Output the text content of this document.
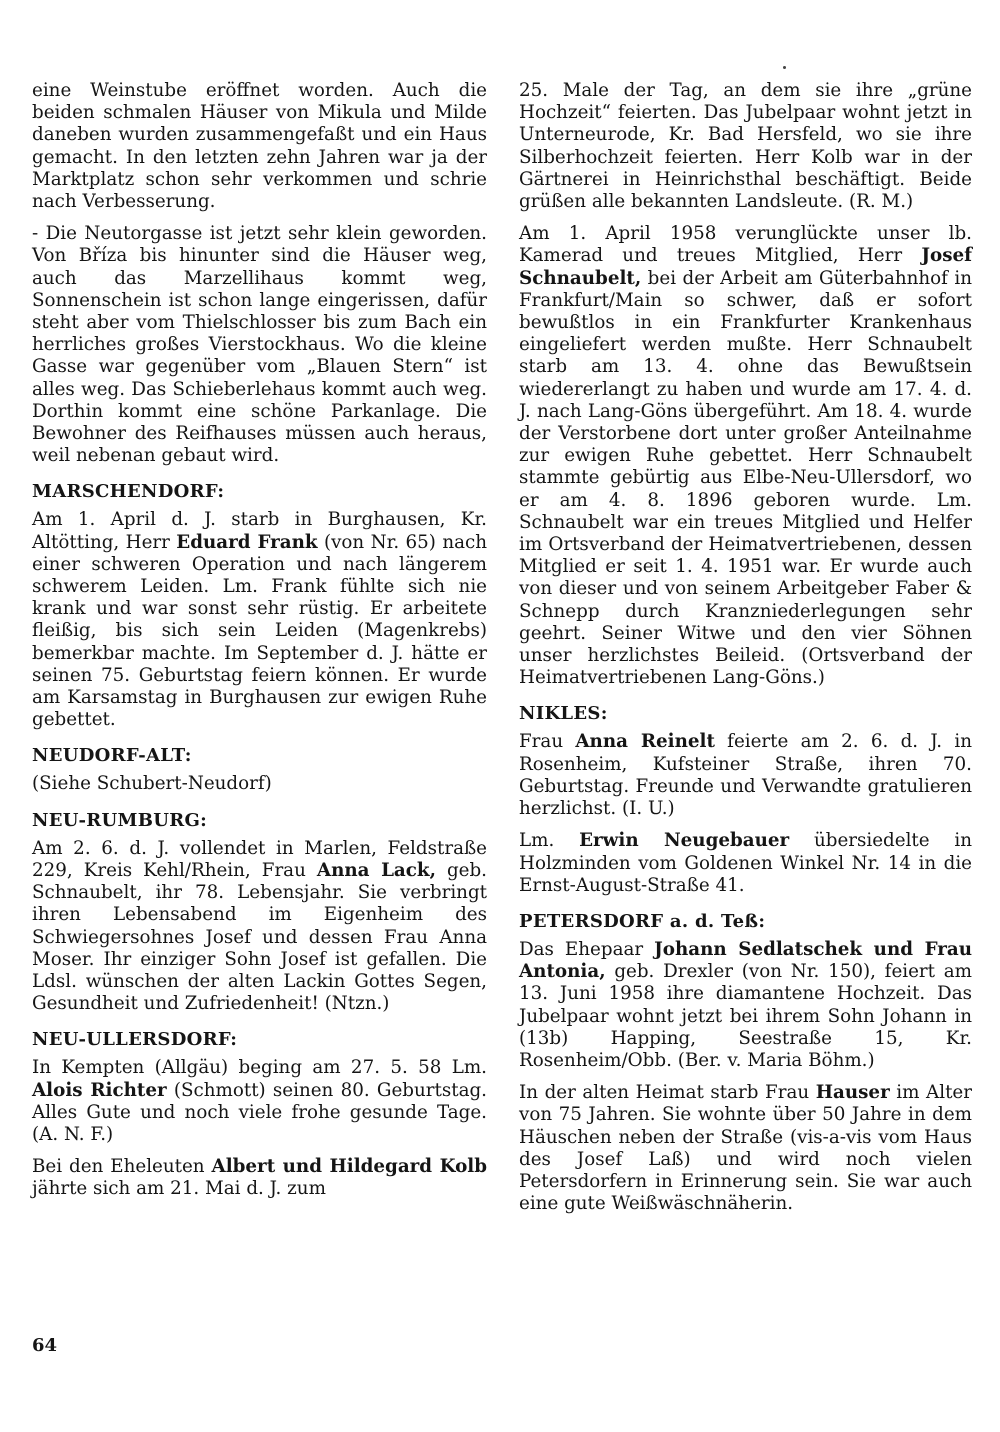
eine Weinstube eröffnet worden. Auch die beiden schmalen Häuser von Mikula und Milde daneben wurden zusammengefaßt und ein Haus gemacht. In den letzten zehn Jahren war ja der Marktplatz schon sehr verkommen und schrie nach Verbesserung.

- Die Neutorgasse ist jetzt sehr klein geworden. Von Bříza bis hinunter sind die Häuser weg, auch das Marzellihaus kommt weg, Sonnenschein ist schon lange eingerissen, dafür steht aber vom Thielschlosser bis zum Bach ein herrliches großes Vierstockhaus. Wo die kleine Gasse war gegenüber vom „Blauen Stern“ ist alles weg. Das Schieberlehaus kommt auch weg. Dorthin kommt eine schöne Parkanlage. Die Bewohner des Reifhauses müssen auch heraus, weil nebenan gebaut wird.

MARSCHENDORF:

Am 1. April d. J. starb in Burghausen, Kr. Altötting, Herr Eduard Frank (von Nr. 65) nach einer schweren Operation und nach längerem schwerem Leiden. Lm. Frank fühlte sich nie krank und war sonst sehr rüstig. Er arbeitete fleißig, bis sich sein Leiden (Magenkrebs) bemerkbar machte. Im September d. J. hätte er seinen 75. Geburtstag feiern können. Er wurde am Karsamstag in Burghausen zur ewigen Ruhe gebettet.

NEUDORF-ALT:

(Siehe Schubert-Neudorf)

NEU-RUMBURG:

Am 2. 6. d. J. vollendet in Marlen, Feldstraße 229, Kreis Kehl/Rhein, Frau Anna Lack, geb. Schnaubelt, ihr 78. Lebensjahr. Sie verbringt ihren Lebensabend im Eigenheim des Schwiegersohnes Josef und dessen Frau Anna Moser. Ihr einziger Sohn Josef ist gefallen. Die Ldsl. wünschen der alten Lackin Gottes Segen, Gesundheit und Zufriedenheit! (Ntzn.)

NEU-ULLERSDORF:

In Kempten (Allgäu) beging am 27. 5. 58 Lm. Alois Richter (Schmott) seinen 80. Geburtstag. Alles Gute und noch viele frohe gesunde Tage. (A. N. F.)

Bei den Eheleuten Albert und Hildegard Kolb jährte sich am 21. Mai d. J. zum

25. Male der Tag, an dem sie ihre „grüne Hochzeit“ feierten. Das Jubelpaar wohnt jetzt in Unterneurode, Kr. Bad Hersfeld, wo sie ihre Silberhochzeit feierten. Herr Kolb war in der Gärtnerei in Heinrichsthal beschäftigt. Beide grüßen alle bekannten Landsleute. (R. M.)

Am 1. April 1958 verunglückte unser lb. Kamerad und treues Mitglied, Herr Josef Schnaubelt, bei der Arbeit am Güterbahnhof in Frankfurt/Main so schwer, daß er sofort bewußtlos in ein Frankfurter Krankenhaus eingeliefert werden mußte. Herr Schnaubelt starb am 13. 4. ohne das Bewußtsein wiedererlangt zu haben und wurde am 17. 4. d. J. nach Lang-Göns übergeführt. Am 18. 4. wurde der Verstorbene dort unter großer Anteilnahme zur ewigen Ruhe gebettet. Herr Schnaubelt stammte gebürtig aus Elbe-Neu-Ullersdorf, wo er am 4. 8. 1896 geboren wurde. Lm. Schnaubelt war ein treues Mitglied und Helfer im Ortsverband der Heimatvertriebenen, dessen Mitglied er seit 1. 4. 1951 war. Er wurde auch von dieser und von seinem Arbeitgeber Faber & Schnepp durch Kranzniederlegungen sehr geehrt. Seiner Witwe und den vier Söhnen unser herzlichstes Beileid. (Ortsverband der Heimatvertriebenen Lang-Göns.)

NIKLES:

Frau Anna Reinelt feierte am 2. 6. d. J. in Rosenheim, Kufsteiner Straße, ihren 70. Geburtstag. Freunde und Verwandte gratulieren herzlichst. (I. U.)

Lm. Erwin Neugebauer übersiedelte in Holzminden vom Goldenen Winkel Nr. 14 in die Ernst-August-Straße 41.

PETERSDORF a. d. Teß:

Das Ehepaar Johann Sedlatschek und Frau Antonia, geb. Drexler (von Nr. 150), feiert am 13. Juni 1958 ihre diamantene Hochzeit. Das Jubelpaar wohnt jetzt bei ihrem Sohn Johann in (13b) Happing, Seestraße 15, Kr. Rosenheim/Obb. (Ber. v. Maria Böhm.)

In der alten Heimat starb Frau Hauser im Alter von 75 Jahren. Sie wohnte über 50 Jahre in dem Häuschen neben der Straße (vis-a-vis vom Haus des Josef Laß) und wird noch vielen Petersdorfern in Erinnerung sein. Sie war auch eine gute Weißwäschnäherin.

64
